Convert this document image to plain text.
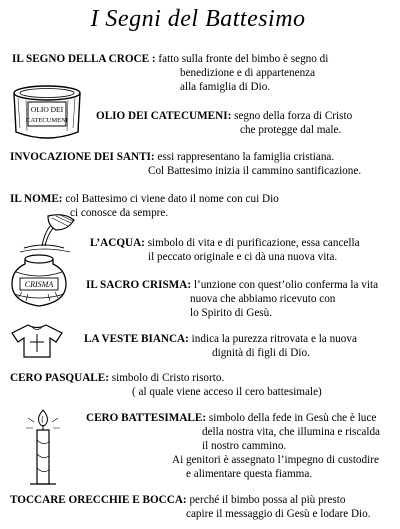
I Segni del Battesimo
IL SEGNO DELLA CROCE : fatto sulla fronte del bimbo è segno di
benedizione e di appartenenza
alla famiglia di Dio.
OLIO DEI
CATECUMENI	OLIO DEI CATECUMENI: segno della forza di Cristo
che protegge dal male.
INVOCAZIONE DEI SANTI: essi rappresentano la famiglia cristiana.
Col Battesimo inizia il cammino santificazione.
IL NOME: col Battesimo ci viene dato il nome con cui Dio
ci conosce da sempre.
L’ACQUA: simbolo di vita e di purificazione, essa cancella
il peccato originale e ci dà una nuova vita.
CRISMA	IL SACRO CRISMA: l’unzione con quest’olio conferma la vita
nuova che abbiamo ricevuto con
lo Spirito di Gesù.
LA VESTE BIANCA: indica la purezza ritrovata e la nuova
dignità di figli di Dio.
CERO PASQUALE: simbolo di Cristo risorto.
( al quale viene acceso il cero battesimale)
CERO BATTESIMALE: simbolo della fede in Gesù che è luce
della nostra vita, che illumina e riscalda
il nostro cammino.
Ai genitori è assegnato l’impegno di custodire
e alimentare questa fiamma.
TOCCARE ORECCHIE E BOCCA: perché il bimbo possa al più presto
capire il messaggio di Gesù e lodare Dio.
